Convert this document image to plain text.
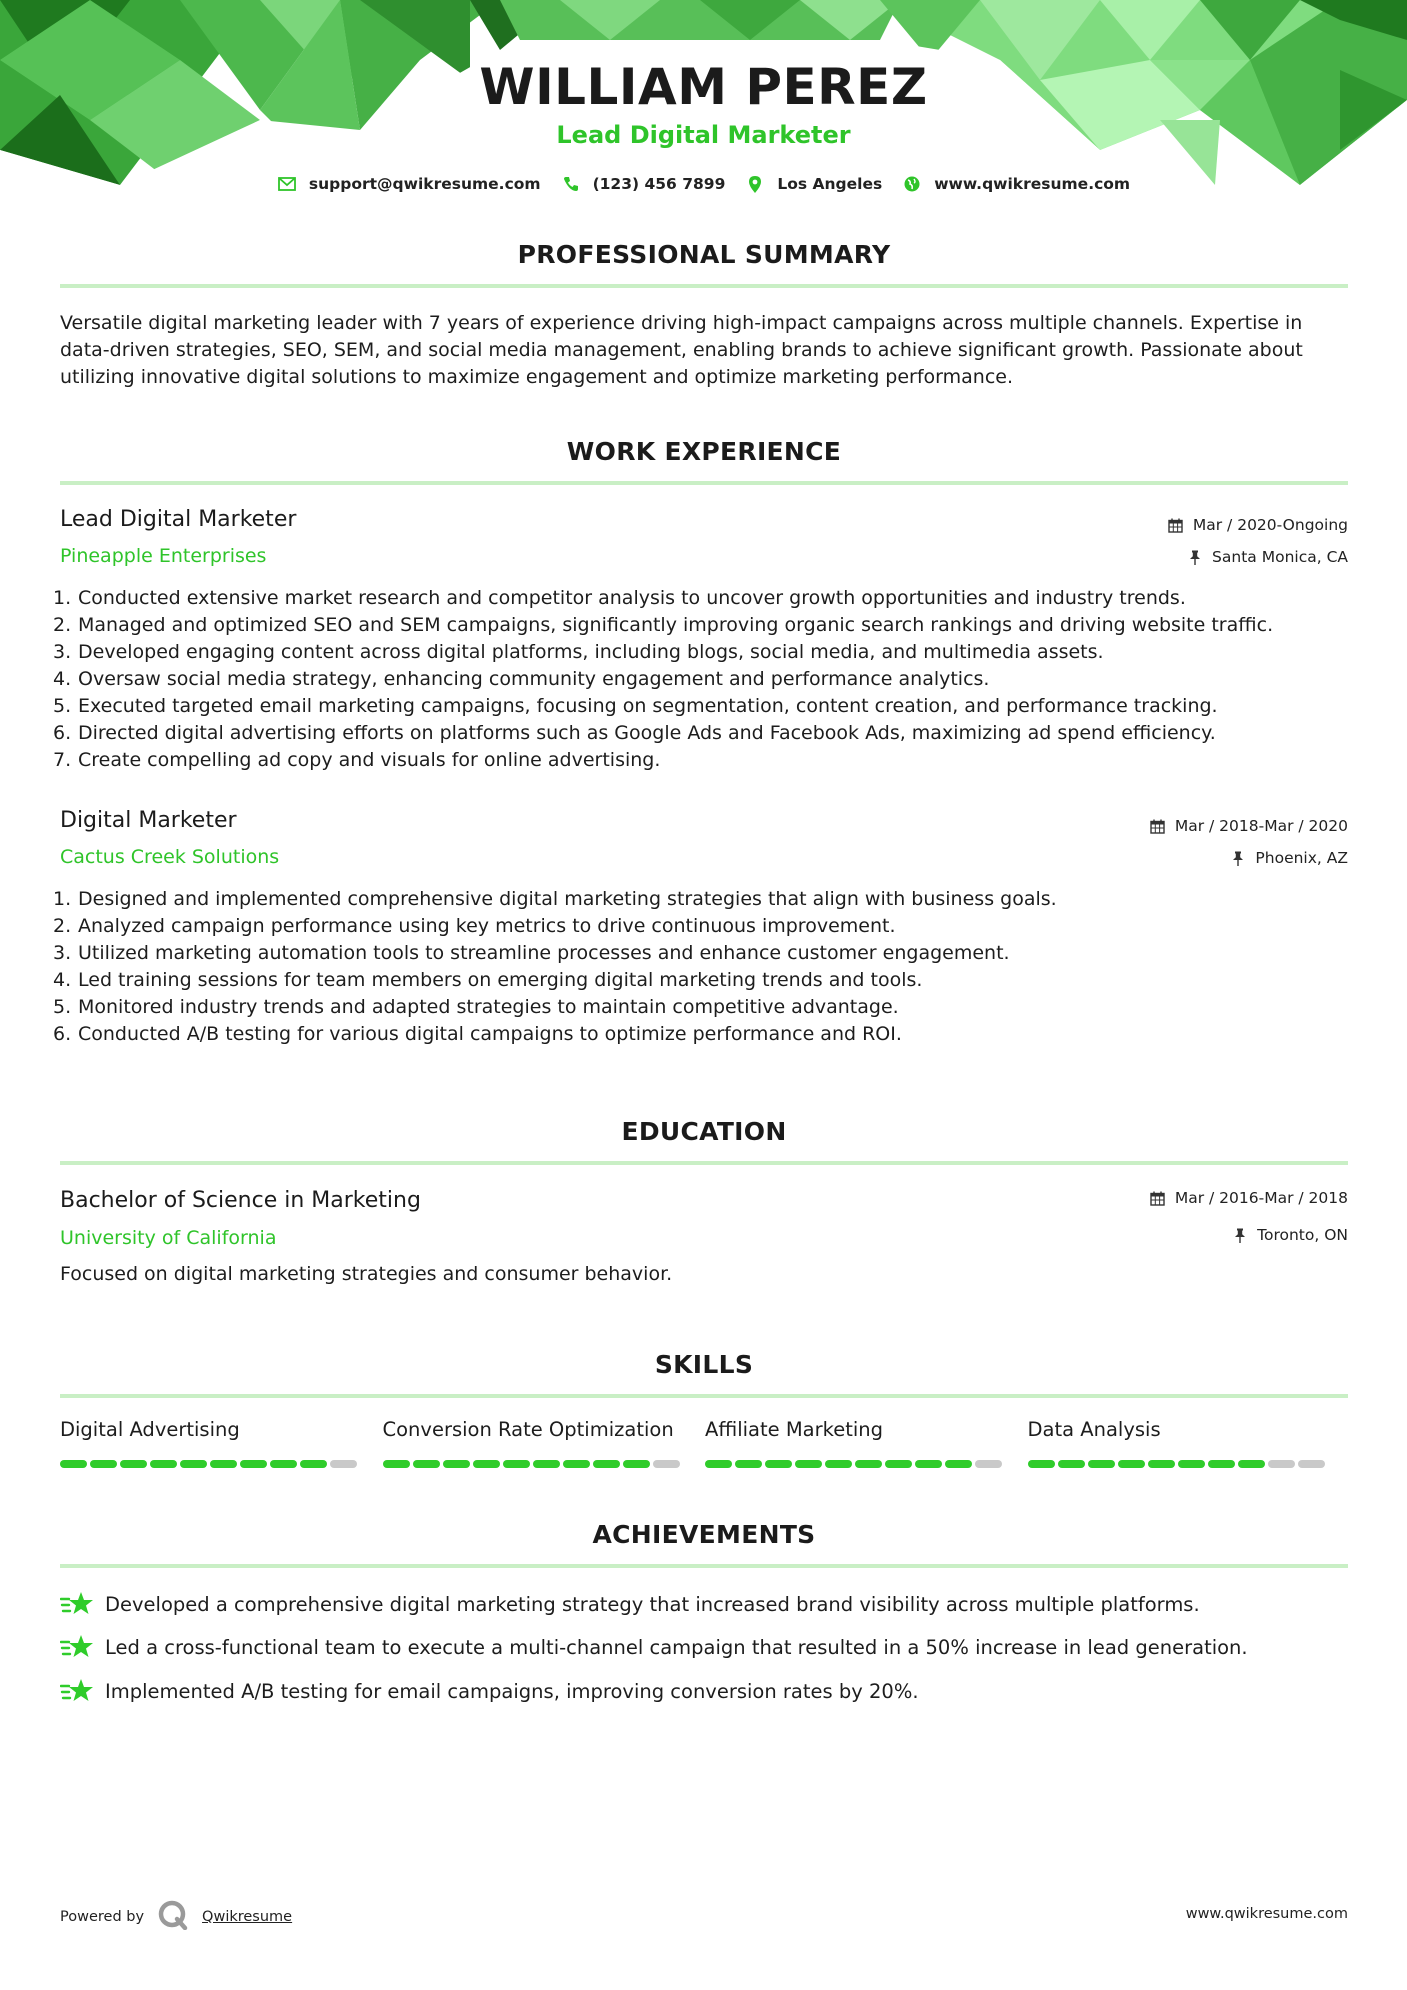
WILLIAM PEREZ
Lead Digital Marketer
support@qwikresume.com	(123) 456 7899	Los Angeles	www.qwikresume.com
PROFESSIONAL SUMMARY
Versatile digital marketing leader with 7 years of experience driving high-impact campaigns across multiple channels. Expertise in data-driven strategies, SEO, SEM, and social media management, enabling brands to achieve significant growth. Passionate about utilizing innovative digital solutions to maximize engagement and optimize marketing performance.
WORK EXPERIENCE
Lead Digital Marketer
Pineapple Enterprises
Mar / 2020-Ongoing
Santa Monica, CA
1. Conducted extensive market research and competitor analysis to uncover growth opportunities and industry trends.
2. Managed and optimized SEO and SEM campaigns, significantly improving organic search rankings and driving website traffic.
3. Developed engaging content across digital platforms, including blogs, social media, and multimedia assets.
4. Oversaw social media strategy, enhancing community engagement and performance analytics.
5. Executed targeted email marketing campaigns, focusing on segmentation, content creation, and performance tracking.
6. Directed digital advertising efforts on platforms such as Google Ads and Facebook Ads, maximizing ad spend efficiency.
7. Create compelling ad copy and visuals for online advertising.
Digital Marketer
Cactus Creek Solutions
Mar / 2018-Mar / 2020
Phoenix, AZ
1. Designed and implemented comprehensive digital marketing strategies that align with business goals.
2. Analyzed campaign performance using key metrics to drive continuous improvement.
3. Utilized marketing automation tools to streamline processes and enhance customer engagement.
4. Led training sessions for team members on emerging digital marketing trends and tools.
5. Monitored industry trends and adapted strategies to maintain competitive advantage.
6. Conducted A/B testing for various digital campaigns to optimize performance and ROI.
EDUCATION
Bachelor of Science in Marketing
University of California
Mar / 2016-Mar / 2018
Toronto, ON
Focused on digital marketing strategies and consumer behavior.
SKILLS
Digital Advertising	Conversion Rate Optimization	Affiliate Marketing	Data Analysis
ACHIEVEMENTS
Developed a comprehensive digital marketing strategy that increased brand visibility across multiple platforms.
Led a cross-functional team to execute a multi-channel campaign that resulted in a 50% increase in lead generation.
Implemented A/B testing for email campaigns, improving conversion rates by 20%.
Powered by	Qwikresume	www.qwikresume.com
